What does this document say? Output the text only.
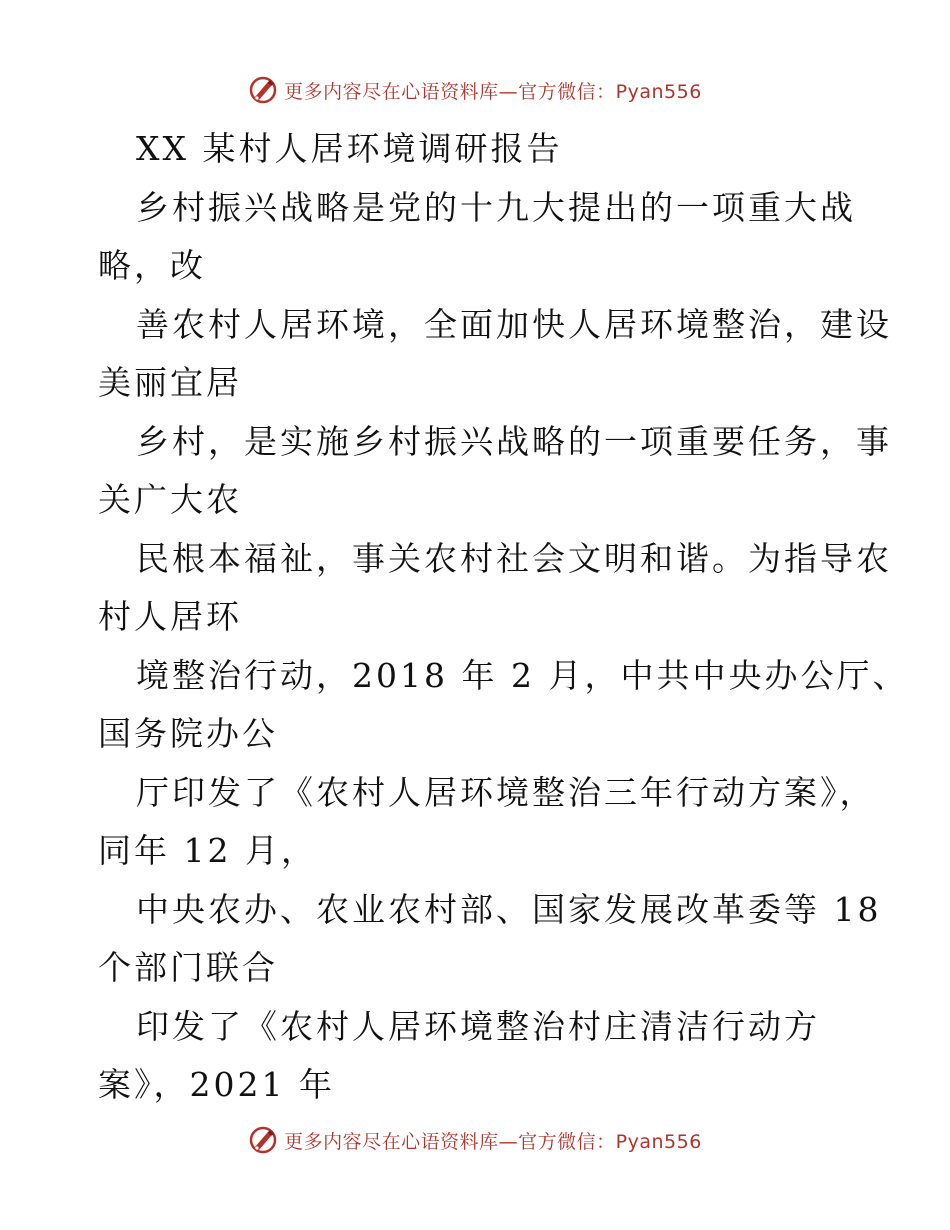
更多内容尽在心语资料库—官方微信：Pyan556
XX 某村人居环境调研报告
乡村振兴战略是党的十九大提出的一项重大战
略，改
善农村人居环境，全面加快人居环境整治，建设
美丽宜居
乡村，是实施乡村振兴战略的一项重要任务，事
关广大农
民根本福祉，事关农村社会文明和谐。为指导农
村人居环
境整治行动，2018 年 2 月，中共中央办公厅、
国务院办公
厅印发了《农村人居环境整治三年行动方案》，
同年 12 月，
中央农办、农业农村部、国家发展改革委等 18
个部门联合
印发了《农村人居环境整治村庄清洁行动方
案》，2021 年
更多内容尽在心语资料库—官方微信：Pyan556
